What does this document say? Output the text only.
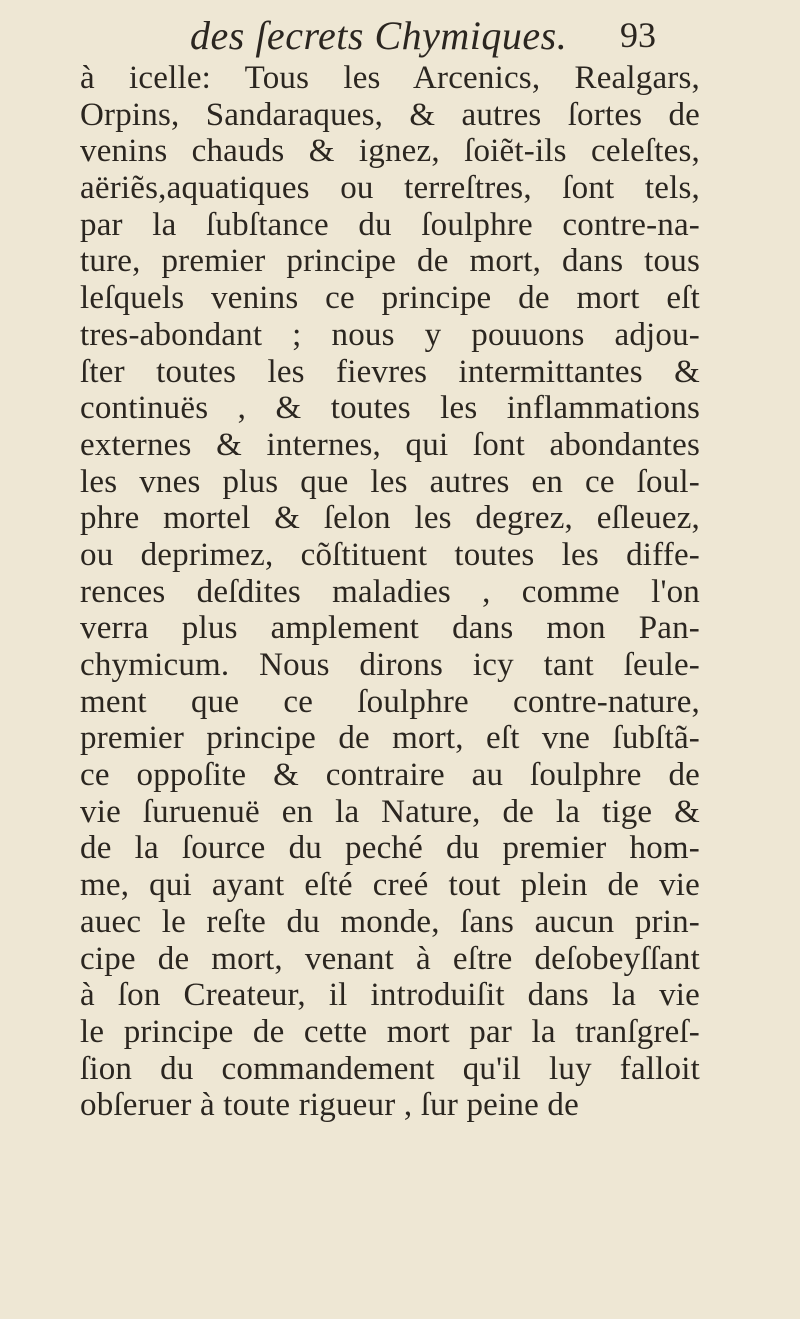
des ſecrets Chymiques. 93
à icelle: Tous les Arcenics, Realgars,
Orpins, Sandaraques, & autres ſortes de
venins chauds & ignez, ſoiẽt-ils celeſtes,
aëriẽs,aquatiques ou terreſtres, ſont tels,
par la ſubſtance du ſoulphre contre-na-
ture, premier principe de mort, dans tous
leſquels venins ce principe de mort eſt
tres-abondant ; nous y pouuons adjou-
ſter toutes les fievres intermittantes &
continuës , & toutes les inflammations
externes & internes, qui ſont abondantes
les vnes plus que les autres en ce ſoul-
phre mortel & ſelon les degrez, eſleuez,
ou deprimez, cõſtituent toutes les diffe-
rences deſdites maladies , comme l'on
verra plus amplement dans mon Pan-
chymicum. Nous dirons icy tant ſeule-
ment que ce ſoulphre contre-nature,
premier principe de mort, eſt vne ſubſtã-
ce oppoſite & contraire au ſoulphre de
vie ſuruenuë en la Nature, de la tige &
de la ſource du peché du premier hom-
me, qui ayant eſté creé tout plein de vie
auec le reſte du monde, ſans aucun prin-
cipe de mort, venant à eſtre deſobeyſſant
à ſon Createur, il introduiſit dans la vie
le principe de cette mort par la tranſgreſ-
ſion du commandement qu'il luy falloit
obſeruer à toute rigueur , ſur peine de
